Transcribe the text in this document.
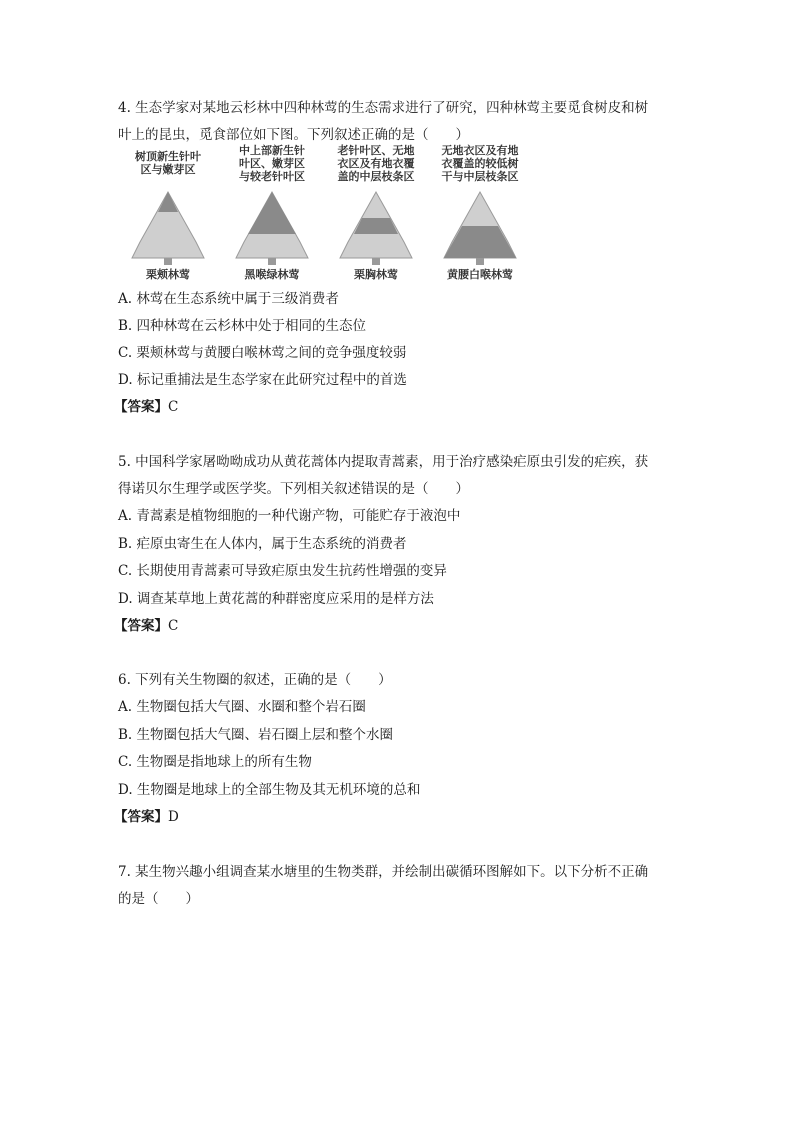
4. 生态学家对某地云杉林中四种林莺的生态需求进行了研究，四种林莺主要觅食树皮和树
叶上的昆虫，觅食部位如下图。下列叙述正确的是（　　）
树顶新生针叶
区与嫩芽区
栗颊林莺
中上部新生针
叶区、嫩芽区
与较老针叶区
黑喉绿林莺
老针叶区、无地
衣区及有地衣覆
盖的中层枝条区
栗胸林莺
无地衣区及有地
衣覆盖的较低树
干与中层枝条区
黄腰白喉林莺
A. 林莺在生态系统中属于三级消费者
B. 四种林莺在云杉林中处于相同的生态位
C. 栗颊林莺与黄腰白喉林莺之间的竞争强度较弱
D. 标记重捕法是生态学家在此研究过程中的首选
【答案】C
5. 中国科学家屠呦呦成功从黄花蒿体内提取青蒿素，用于治疗感染疟原虫引发的疟疾，获
得诺贝尔生理学或医学奖。下列相关叙述错误的是（　　）
A. 青蒿素是植物细胞的一种代谢产物，可能贮存于液泡中
B. 疟原虫寄生在人体内，属于生态系统的消费者
C. 长期使用青蒿素可导致疟原虫发生抗药性增强的变异
D. 调查某草地上黄花蒿的种群密度应采用的是样方法
【答案】C
6. 下列有关生物圈的叙述，正确的是（　　）
A. 生物圈包括大气圈、水圈和整个岩石圈
B. 生物圈包括大气圈、岩石圈上层和整个水圈
C. 生物圈是指地球上的所有生物
D. 生物圈是地球上的全部生物及其无机环境的总和
【答案】D
7. 某生物兴趣小组调查某水塘里的生物类群，并绘制出碳循环图解如下。以下分析不正确
的是（　　）
